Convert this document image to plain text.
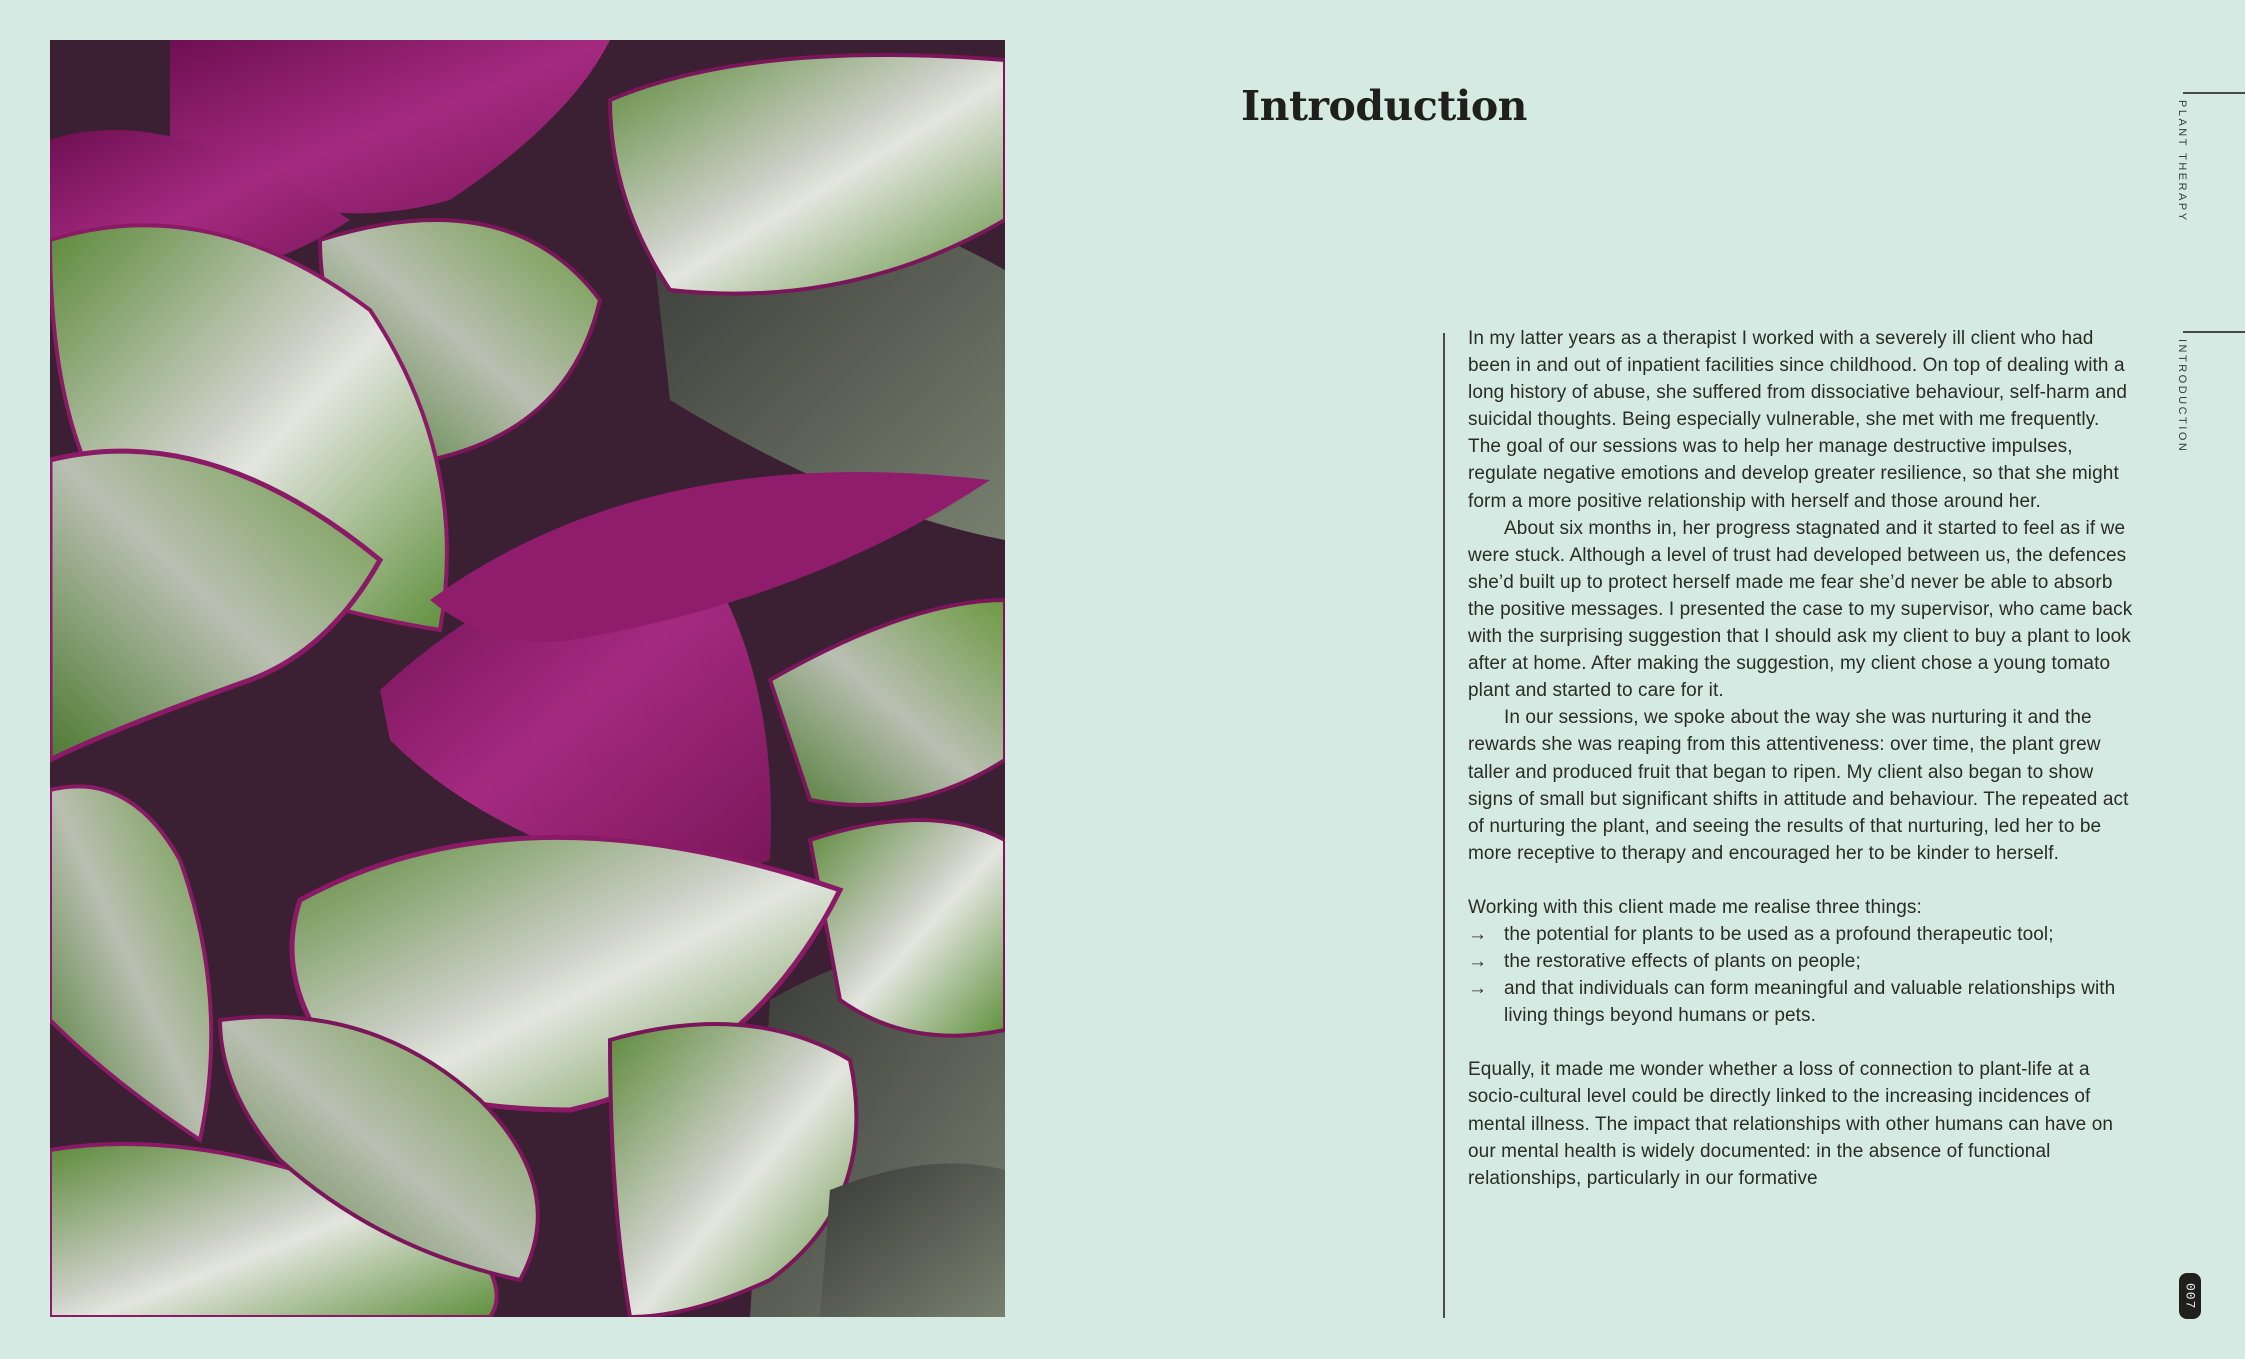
Introduction

In my latter years as a therapist I worked with a severely ill client who had been in and out of inpatient facilities since childhood. On top of dealing with a long history of abuse, she suffered from dissociative behaviour, self-harm and suicidal thoughts. Being especially vulnerable, she met with me frequently. The goal of our sessions was to help her manage destructive impulses, regulate negative emotions and develop greater resilience, so that she might form a more positive relationship with herself and those around her.

About six months in, her progress stagnated and it started to feel as if we were stuck. Although a level of trust had developed between us, the defences she’d built up to protect herself made me fear she’d never be able to absorb the positive messages. I presented the case to my supervisor, who came back with the surprising suggestion that I should ask my client to buy a plant to look after at home. After making the suggestion, my client chose a young tomato plant and started to care for it.

In our sessions, we spoke about the way she was nurturing it and the rewards she was reaping from this attentiveness: over time, the plant grew taller and produced fruit that began to ripen. My client also began to show signs of small but significant shifts in attitude and behaviour. The repeated act of nurturing the plant, and seeing the results of that nurturing, led her to be more receptive to therapy and encouraged her to be kinder to herself.

Working with this client made me realise three things:

→ the potential for plants to be used as a profound therapeutic tool;
→ the restorative effects of plants on people;
→ and that individuals can form meaningful and valuable relationships with living things beyond humans or pets.

Equally, it made me wonder whether a loss of connection to plant-life at a socio-cultural level could be directly linked to the increasing incidences of mental illness. The impact that relationships with other humans can have on our mental health is widely documented: in the absence of functional relationships, particularly in our formative

PLANT THERAPY
INTRODUCTION
007
